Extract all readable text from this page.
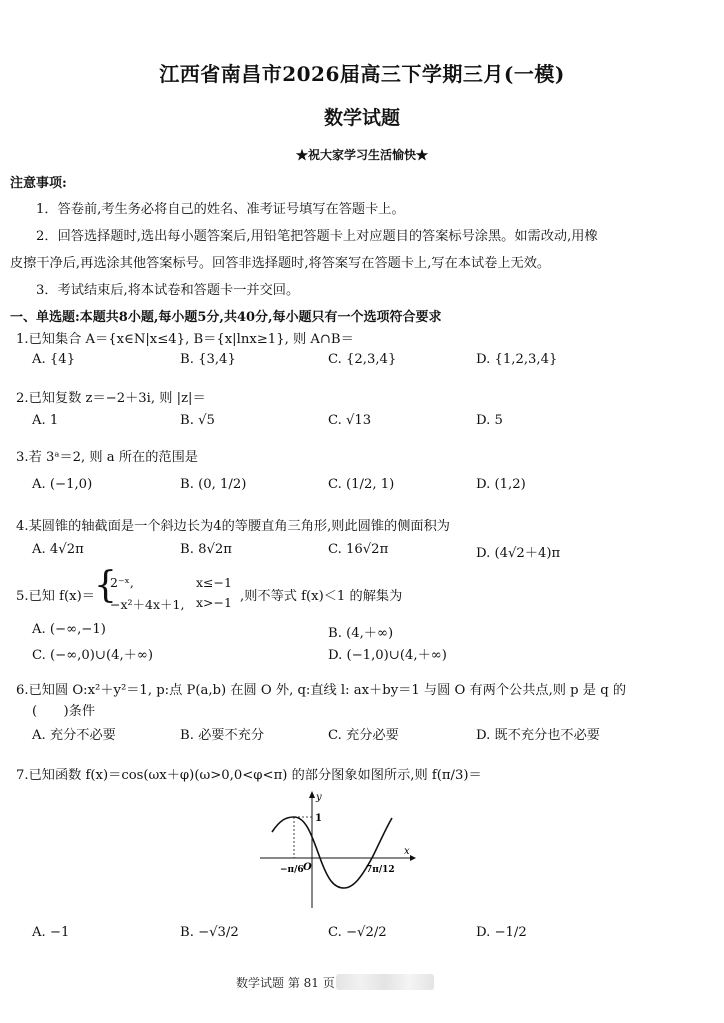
江西省南昌市2026届高三下学期三月(一模)
数学试题
★祝大家学习生活愉快★
注意事项:
1．答卷前,考生务必将自己的姓名、准考证号填写在答题卡上。
2．回答选择题时,选出每小题答案后,用铅笔把答题卡上对应题目的答案标号涂黑。如需改动,用橡
皮擦干净后,再选涂其他答案标号。回答非选择题时,将答案写在答题卡上,写在本试卷上无效。
3．考试结束后,将本试卷和答题卡一并交回。
一、单选题:本题共8小题,每小题5分,共40分,每小题只有一个选项符合要求
1.已知集合 A＝{x∈N|x≤4}, B＝{x|lnx≥1}, 则 A∩B＝
A. {4}	B. {3,4}	C. {2,3,4}	D. {1,2,3,4}
2.已知复数 z＝−2＋3i, 则 |z|＝
A. 1	B. √5	C. √13	D. 5
3.若 3ᵃ＝2, 则 a 所在的范围是
A. (−1,0)	B. (0, 1/2)	C. (1/2, 1)	D. (1,2)
4.某圆锥的轴截面是一个斜边长为4的等腰直角三角形,则此圆锥的侧面积为
A. 4√2π	B. 8√2π	C. 16√2π	D. (4√2＋4)π
5.已知 f(x)＝ {
2⁻ˣ,	x≤−1
−x²＋4x＋1, x>−1 ,则不等式 f(x)＜1 的解集为
A. (−∞,−1)	B. (4,＋∞)
C. (−∞,0)∪(4,＋∞)	D. (−1,0)∪(4,＋∞)
6.已知圆 O:x²＋y²＝1, p:点 P(a,b) 在圆 O 外, q:直线 l: ax＋by＝1 与圆 O 有两个公共点,则 p 是 q 的
(　　)条件
A. 充分不必要	B. 必要不充分	C. 充分必要	D. 既不充分也不必要
7.已知函数 f(x)＝cos(ωx＋φ)(ω>0,0<φ<π) 的部分图象如图所示,则 f(π/3)＝
y
x
O
1
−π/6	7π/12
A. −1	B. −√3/2	C. −√2/2	D. −1/2
数学试题 第 81 页
